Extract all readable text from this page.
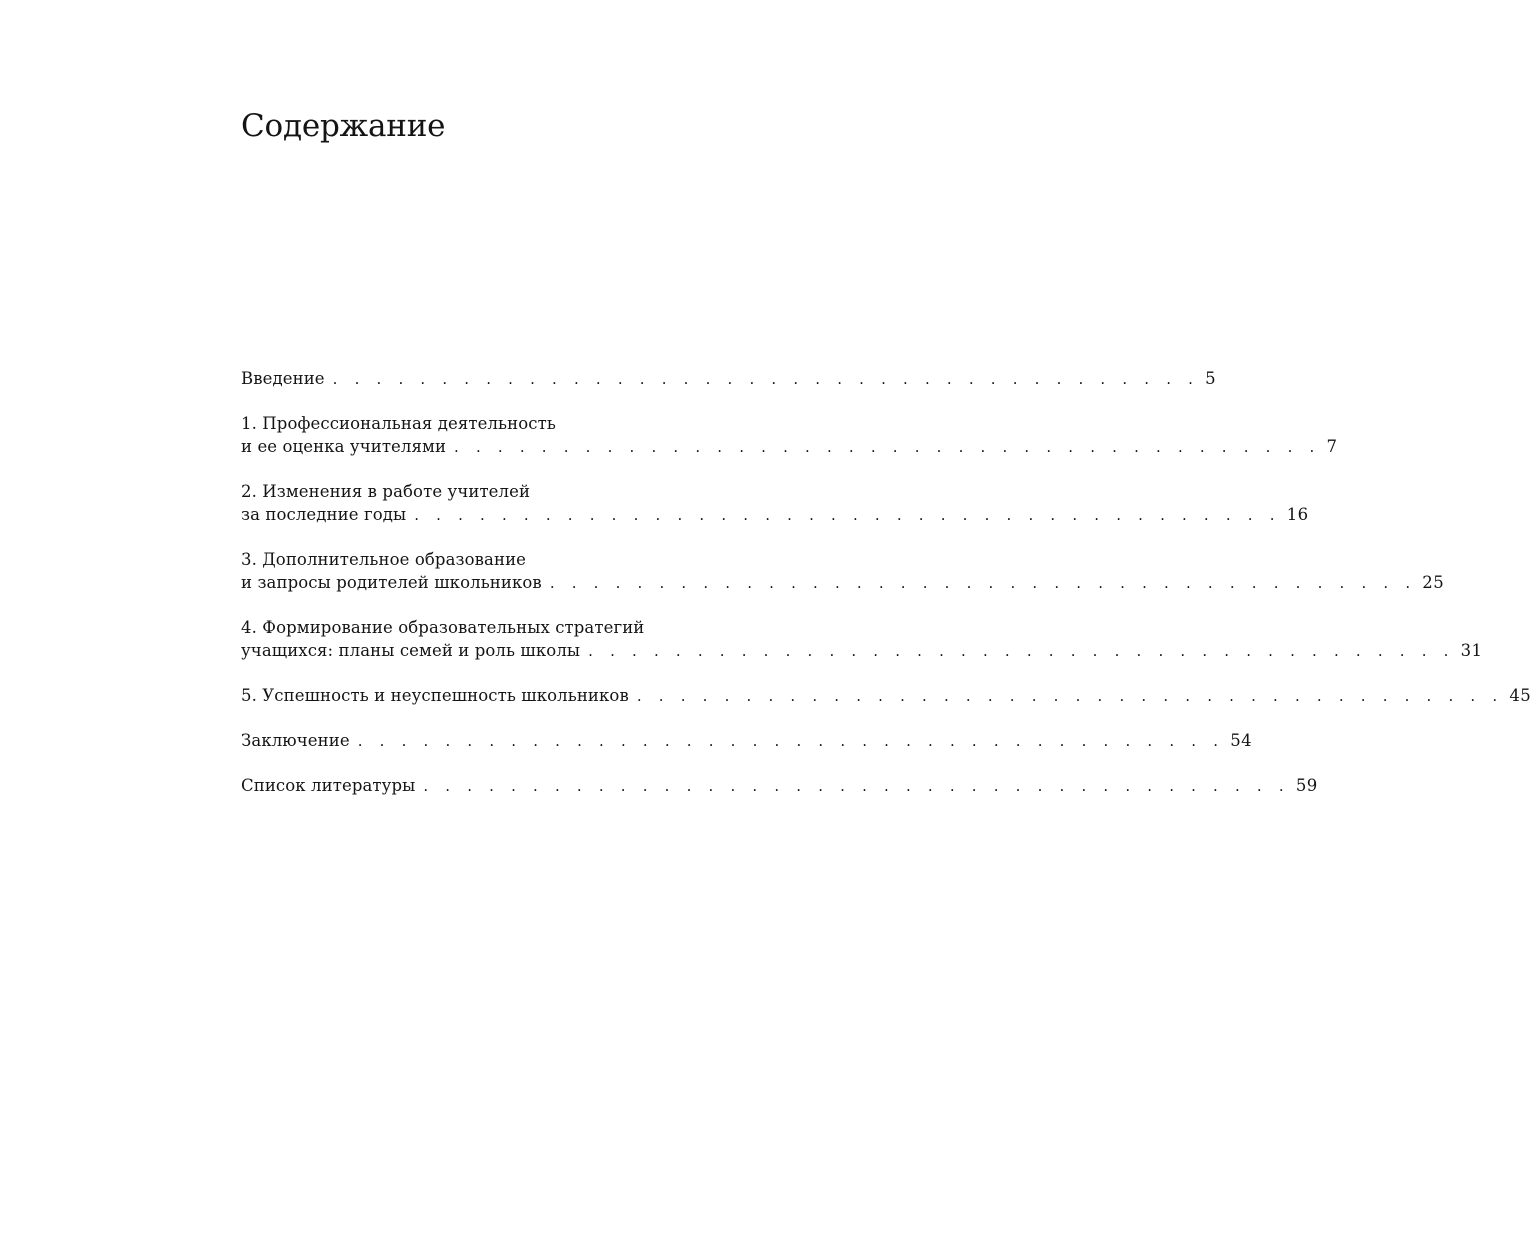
Содержание
Введение . . . . . . . . . . . . . . . . . . . . . . . . . . . . . . . . . . . . . . . . 5
1. Профессиональная деятельность
и ее оценка учителями . . . . . . . . . . . . . . . . . . . . . . . . . . . . . . . . . . . . . . . . 7
2. Изменения в работе учителей
за последние годы . . . . . . . . . . . . . . . . . . . . . . . . . . . . . . . . . . . . . . . . 16
3. Дополнительное образование
и запросы родителей школьников . . . . . . . . . . . . . . . . . . . . . . . . . . . . . . . . . . . . . . . . 25
4. Формирование образовательных стратегий
учащихся: планы семей и роль школы . . . . . . . . . . . . . . . . . . . . . . . . . . . . . . . . . . . . . . . . 31
5. Успешность и неуспешность школьников . . . . . . . . . . . . . . . . . . . . . . . . . . . . . . . . . . . . . . . . 45
Заключение . . . . . . . . . . . . . . . . . . . . . . . . . . . . . . . . . . . . . . . . 54
Список литературы . . . . . . . . . . . . . . . . . . . . . . . . . . . . . . . . . . . . . . . . 59
